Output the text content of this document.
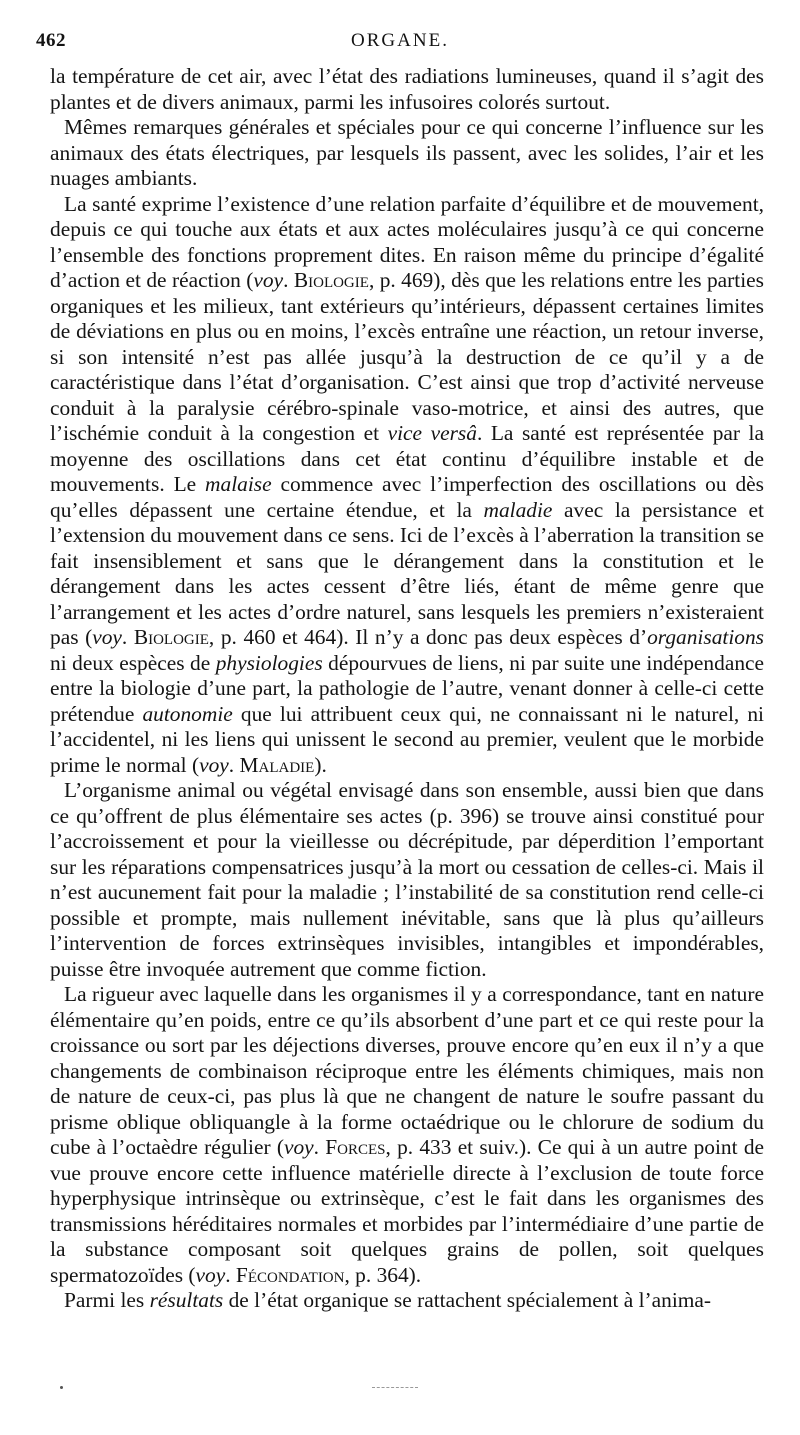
462	ORGANE.

la température de cet air, avec l’état des radiations lumineuses, quand il s’agit des plantes et de divers animaux, parmi les infusoires colorés surtout.

Mêmes remarques générales et spéciales pour ce qui concerne l’influence sur les animaux des états électriques, par lesquels ils passent, avec les solides, l’air et les nuages ambiants.

La santé exprime l’existence d’une relation parfaite d’équilibre et de mouvement, depuis ce qui touche aux états et aux actes moléculaires jusqu’à ce qui concerne l’ensemble des fonctions proprement dites. En raison même du principe d’égalité d’action et de réaction (voy. Biologie, p. 469), dès que les relations entre les parties organiques et les milieux, tant extérieurs qu’intérieurs, dépassent certaines limites de déviations en plus ou en moins, l’excès entraîne une réaction, un retour inverse, si son intensité n’est pas allée jusqu’à la destruction de ce qu’il y a de caractéristique dans l’état d’organisation. C’est ainsi que trop d’activité nerveuse conduit à la paralysie cérébro-spinale vaso-motrice, et ainsi des autres, que l’ischémie conduit à la congestion et vice versâ. La santé est représentée par la moyenne des oscillations dans cet état continu d’équilibre instable et de mouvements. Le malaise commence avec l’imperfection des oscillations ou dès qu’elles dépassent une certaine étendue, et la maladie avec la persistance et l’extension du mouvement dans ce sens. Ici de l’excès à l’aberration la transition se fait insensiblement et sans que le dérangement dans la constitution et le dérangement dans les actes cessent d’être liés, étant de même genre que l’arrangement et les actes d’ordre naturel, sans lesquels les premiers n’existeraient pas (voy. Biologie, p. 460 et 464). Il n’y a donc pas deux espèces d’organisations ni deux espèces de physiologies dépourvues de liens, ni par suite une indépendance entre la biologie d’une part, la pathologie de l’autre, venant donner à celle-ci cette prétendue autonomie que lui attribuent ceux qui, ne connaissant ni le naturel, ni l’accidentel, ni les liens qui unissent le second au premier, veulent que le morbide prime le normal (voy. Maladie).

L’organisme animal ou végétal envisagé dans son ensemble, aussi bien que dans ce qu’offrent de plus élémentaire ses actes (p. 396) se trouve ainsi constitué pour l’accroissement et pour la vieillesse ou décrépitude, par déperdition l’emportant sur les réparations compensatrices jusqu’à la mort ou cessation de celles-ci. Mais il n’est aucunement fait pour la maladie ; l’instabilité de sa constitution rend celle-ci possible et prompte, mais nullement inévitable, sans que là plus qu’ailleurs l’intervention de forces extrinsèques invisibles, intangibles et impondérables, puisse être invoquée autrement que comme fiction.

La rigueur avec laquelle dans les organismes il y a correspondance, tant en nature élémentaire qu’en poids, entre ce qu’ils absorbent d’une part et ce qui reste pour la croissance ou sort par les déjections diverses, prouve encore qu’en eux il n’y a que changements de combinaison réciproque entre les éléments chimiques, mais non de nature de ceux-ci, pas plus là que ne changent de nature le soufre passant du prisme oblique obliquangle à la forme octaédrique ou le chlorure de sodium du cube à l’octaèdre régulier (voy. Forces, p. 433 et suiv.). Ce qui à un autre point de vue prouve encore cette influence matérielle directe à l’exclusion de toute force hyperphysique intrinsèque ou extrinsèque, c’est le fait dans les organismes des transmissions héréditaires normales et morbides par l’intermédiaire d’une partie de la substance composant soit quelques grains de pollen, soit quelques spermatozoïdes (voy. Fécondation, p. 364).

Parmi les résultats de l’état organique se rattachent spécialement à l’anima-
